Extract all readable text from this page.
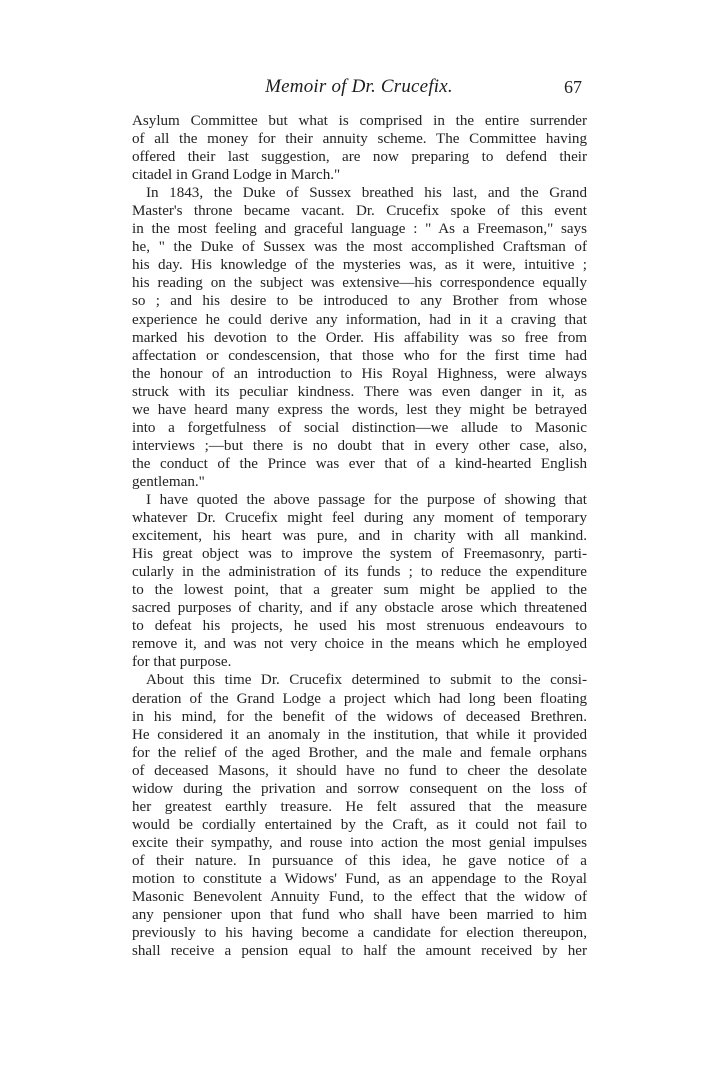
Memoir of Dr. Crucefix.	67
Asylum Committee but what is comprised in the entire surrender
of all the money for their annuity scheme. The Committee having
offered their last suggestion, are now preparing to defend their
citadel in Grand Lodge in March."
In 1843, the Duke of Sussex breathed his last, and the Grand
Master's throne became vacant. Dr. Crucefix spoke of this event
in the most feeling and graceful language : " As a Freemason," says
he, " the Duke of Sussex was the most accomplished Craftsman of
his day. His knowledge of the mysteries was, as it were, intuitive ;
his reading on the subject was extensive—his correspondence equally
so ; and his desire to be introduced to any Brother from whose
experience he could derive any information, had in it a craving that
marked his devotion to the Order. His affability was so free from
affectation or condescension, that those who for the first time had
the honour of an introduction to His Royal Highness, were always
struck with its peculiar kindness. There was even danger in it, as
we have heard many express the words, lest they might be betrayed
into a forgetfulness of social distinction—we allude to Masonic
interviews ;—but there is no doubt that in every other case, also,
the conduct of the Prince was ever that of a kind-hearted English
gentleman."
I have quoted the above passage for the purpose of showing that
whatever Dr. Crucefix might feel during any moment of temporary
excitement, his heart was pure, and in charity with all mankind.
His great object was to improve the system of Freemasonry, parti-
cularly in the administration of its funds ; to reduce the expenditure
to the lowest point, that a greater sum might be applied to the
sacred purposes of charity, and if any obstacle arose which threatened
to defeat his projects, he used his most strenuous endeavours to
remove it, and was not very choice in the means which he employed
for that purpose.
About this time Dr. Crucefix determined to submit to the consi-
deration of the Grand Lodge a project which had long been floating
in his mind, for the benefit of the widows of deceased Brethren.
He considered it an anomaly in the institution, that while it provided
for the relief of the aged Brother, and the male and female orphans
of deceased Masons, it should have no fund to cheer the desolate
widow during the privation and sorrow consequent on the loss of
her greatest earthly treasure. He felt assured that the measure
would be cordially entertained by the Craft, as it could not fail to
excite their sympathy, and rouse into action the most genial impulses
of their nature. In pursuance of this idea, he gave notice of a
motion to constitute a Widows' Fund, as an appendage to the Royal
Masonic Benevolent Annuity Fund, to the effect that the widow of
any pensioner upon that fund who shall have been married to him
previously to his having become a candidate for election thereupon,
shall receive a pension equal to half the amount received by her
